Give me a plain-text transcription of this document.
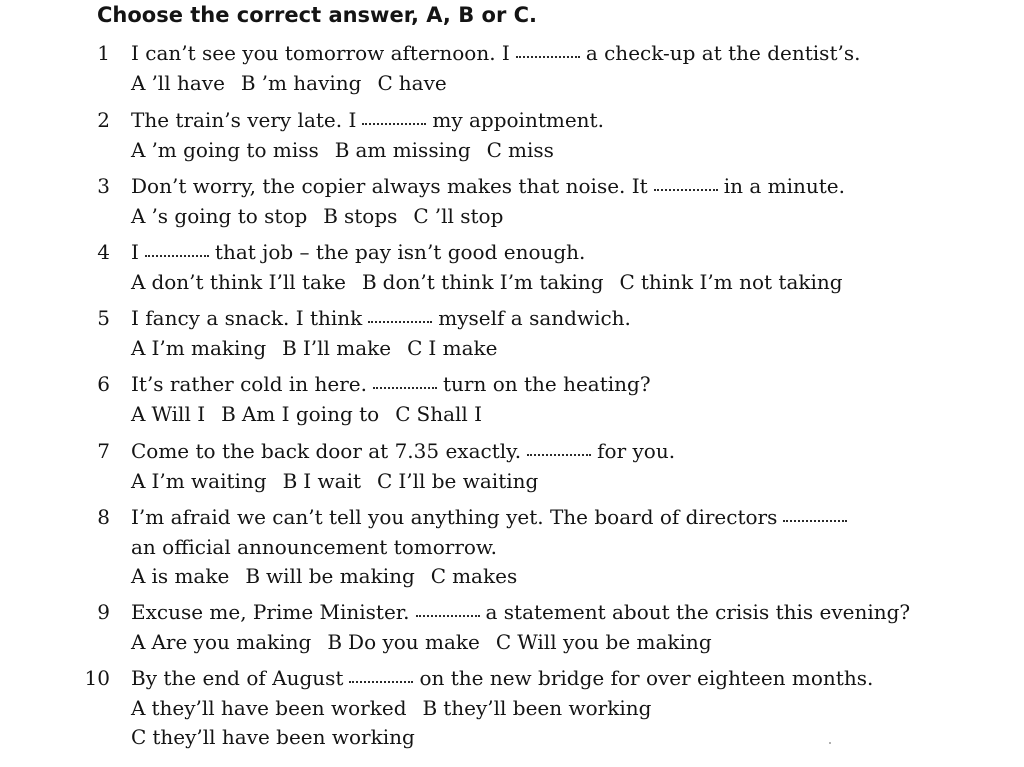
Choose the correct answer, A, B or C.
1 I can’t see you tomorrow afternoon. I	a check-up at the dentist’s.
A ’ll have B ’m having C have
2 The train’s very late. I	my appointment.
A ’m going to miss B am missing C miss
3 Don’t worry, the copier always makes that noise. It	in a minute.
A ’s going to stop B stops C ’ll stop
4 I	that job – the pay isn’t good enough.
A don’t think I’ll take B don’t think I’m taking C think I’m not taking
5 I fancy a snack. I think	myself a sandwich.
A I’m making B I’ll make C I make
6 It’s rather cold in here.	turn on the heating?
A Will I B Am I going to C Shall I
7 Come to the back door at 7.35 exactly.	for you.
A I’m waiting B I wait C I’ll be waiting
8 I’m afraid we can’t tell you anything yet. The board of directors
an official announcement tomorrow.
A is make B will be making C makes
9 Excuse me, Prime Minister.	a statement about the crisis this evening?
A Are you making B Do you make C Will you be making
10 By the end of August	on the new bridge for over eighteen months.
A they’ll have been worked B they’ll been working
C they’ll have been working
